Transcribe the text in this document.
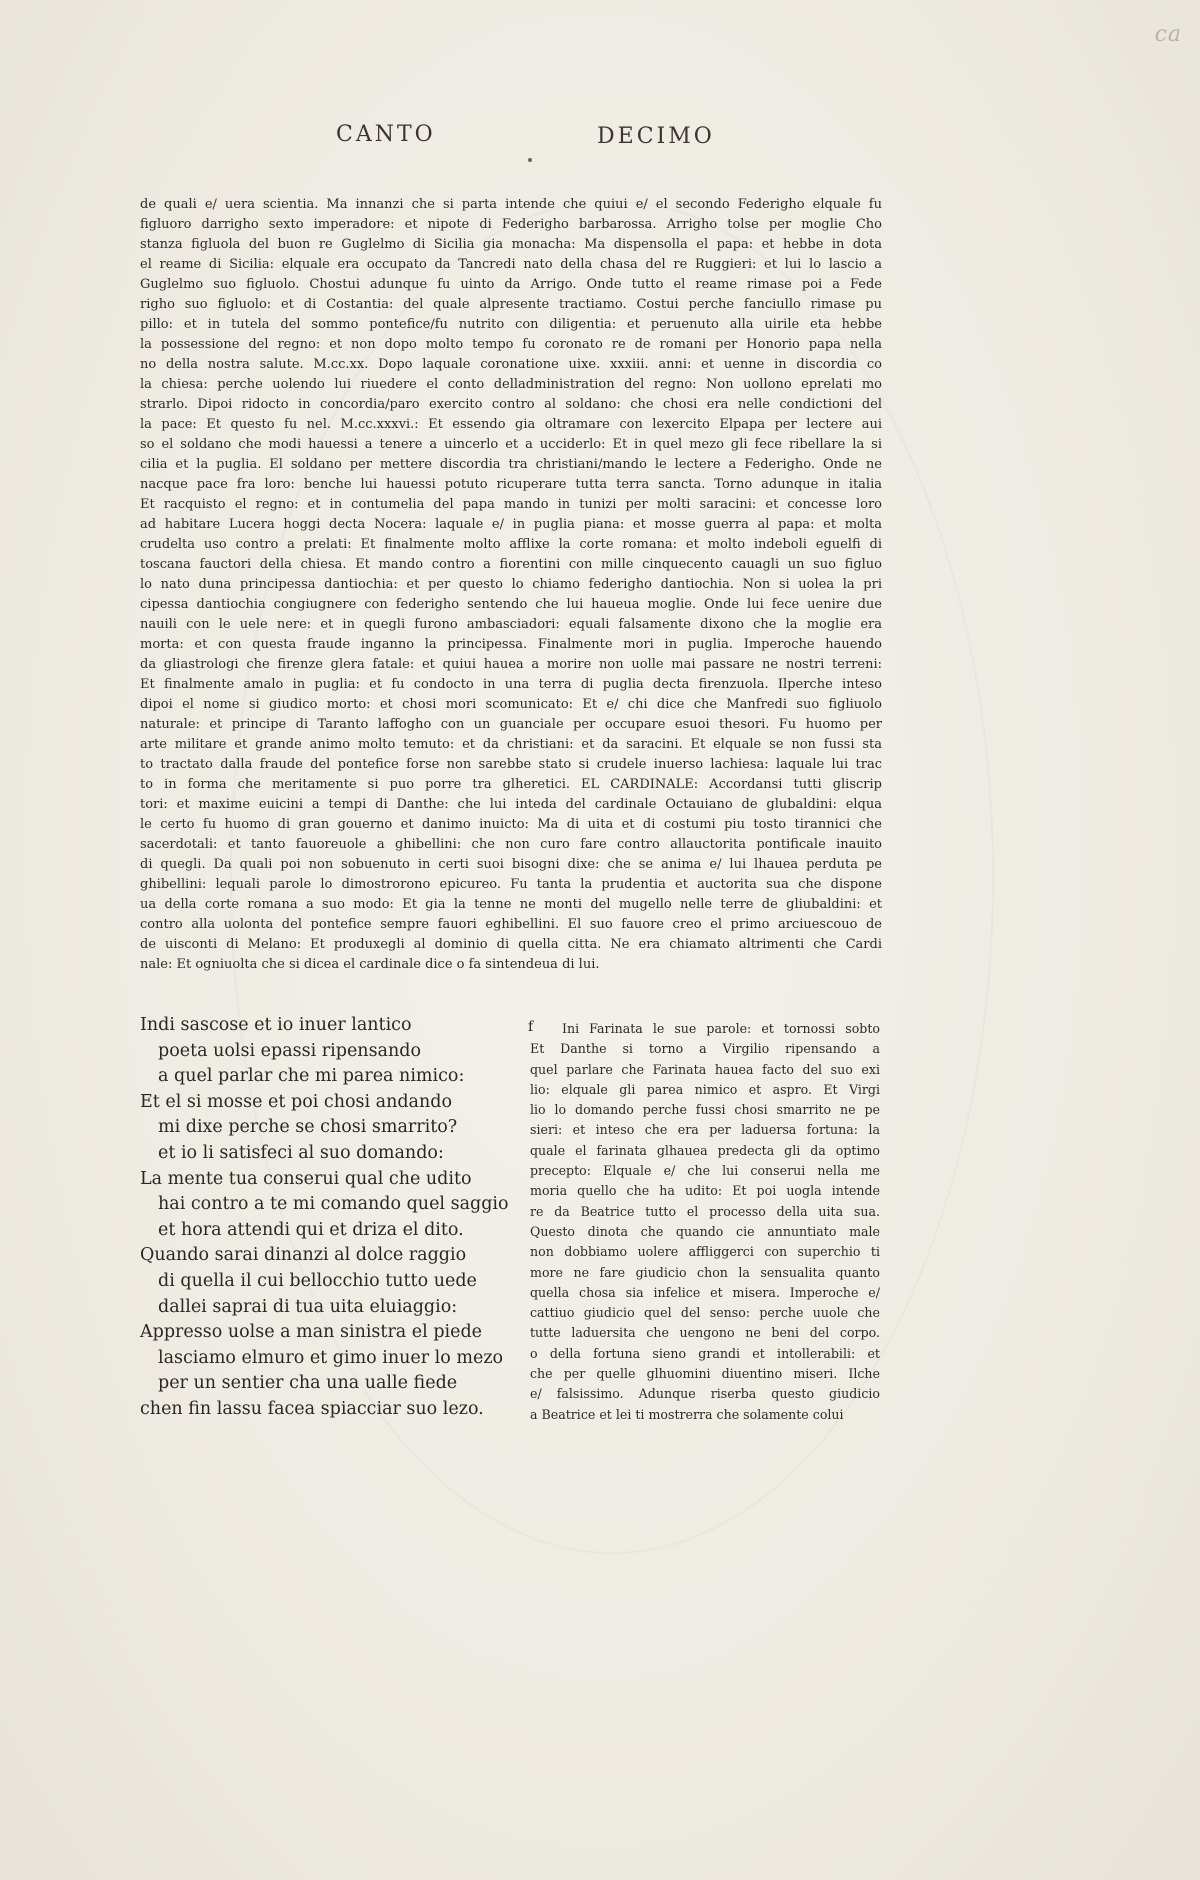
ca
CANTO	DECIMO
de quali e/ uera scientia. Ma innanzi che si parta intende che quiui e/ el secondo Federigho elquale fu
figluoro darrigho sexto imperadore: et nipote di Federigho barbarossa. Arrigho tolse per moglie Cho
stanza figluola del buon re Guglelmo di Sicilia gia monacha: Ma dispensolla el papa: et hebbe in dota
el reame di Sicilia: elquale era occupato da Tancredi nato della chasa del re Ruggieri: et lui lo lascio a
Guglelmo suo figluolo. Chostui adunque fu uinto da Arrigo. Onde tutto el reame rimase poi a Fede
righo suo figluolo: et di Costantia: del quale alpresente tractiamo. Costui perche fanciullo rimase pu
pillo: et in tutela del sommo pontefice/fu nutrito con diligentia: et peruenuto alla uirile eta hebbe
la possessione del regno: et non dopo molto tempo fu coronato re de romani per Honorio papa nella
no della nostra salute. M.cc.xx. Dopo laquale coronatione uixe. xxxiii. anni: et uenne in discordia co
la chiesa: perche uolendo lui riuedere el conto delladministration del regno: Non uollono eprelati mo
strarlo. Dipoi ridocto in concordia/paro exercito contro al soldano: che chosi era nelle condictioni del
la pace: Et questo fu nel. M.cc.xxxvi.: Et essendo gia oltramare con lexercito Elpapa per lectere aui
so el soldano che modi hauessi a tenere a uincerlo et a ucciderlo: Et in quel mezo gli fece ribellare la si
cilia et la puglia. El soldano per mettere discordia tra christiani/mando le lectere a Federigho. Onde ne
nacque pace fra loro: benche lui hauessi potuto ricuperare tutta terra sancta. Torno adunque in italia
Et racquisto el regno: et in contumelia del papa mando in tunizi per molti saracini: et concesse loro
ad habitare Lucera hoggi decta Nocera: laquale e/ in puglia piana: et mosse guerra al papa: et molta
crudelta uso contro a prelati: Et finalmente molto afflixe la corte romana: et molto indeboli eguelfi di
toscana fauctori della chiesa. Et mando contro a fiorentini con mille cinquecento cauagli un suo figluo
lo nato duna principessa dantiochia: et per questo lo chiamo federigho dantiochia. Non si uolea la pri
cipessa dantiochia congiugnere con federigho sentendo che lui haueua moglie. Onde lui fece uenire due
nauili con le uele nere: et in quegli furono ambasciadori: equali falsamente dixono che la moglie era
morta: et con questa fraude inganno la principessa. Finalmente mori in puglia. Imperoche hauendo
da gliastrologi che firenze glera fatale: et quiui hauea a morire non uolle mai passare ne nostri terreni:
Et finalmente amalo in puglia: et fu condocto in una terra di puglia decta firenzuola. Ilperche inteso
dipoi el nome si giudico morto: et chosi mori scomunicato: Et e/ chi dice che Manfredi suo figliuolo
naturale: et principe di Taranto laffogho con un guanciale per occupare esuoi thesori. Fu huomo per
arte militare et grande animo molto temuto: et da christiani: et da saracini. Et elquale se non fussi sta
to tractato dalla fraude del pontefice forse non sarebbe stato si crudele inuerso lachiesa: laquale lui trac
to in forma che meritamente si puo porre tra glheretici. EL CARDINALE: Accordansi tutti gliscrip
tori: et maxime euicini a tempi di Danthe: che lui inteda del cardinale Octauiano de glubaldini: elqua
le certo fu huomo di gran gouerno et danimo inuicto: Ma di uita et di costumi piu tosto tirannici che
sacerdotali: et tanto fauoreuole a ghibellini: che non curo fare contro allauctorita pontificale inauito
di quegli. Da quali poi non sobuenuto in certi suoi bisogni dixe: che se anima e/ lui lhauea perduta pe
ghibellini: lequali parole lo dimostrorono epicureo. Fu tanta la prudentia et auctorita sua che dispone
ua della corte romana a suo modo: Et gia la tenne ne monti del mugello nelle terre de gliubaldini: et
contro alla uolonta del pontefice sempre fauori eghibellini. El suo fauore creo el primo arciuescouo de
de uisconti di Melano: Et produxegli al dominio di quella citta. Ne era chiamato altrimenti che Cardi
nale: Et ogniuolta che si dicea el cardinale dice o fa sintendeua di lui.
Indi sascose et io inuer lantico
poeta uolsi epassi ripensando
a quel parlar che mi parea nimico:
Et el si mosse et poi chosi andando
mi dixe perche se chosi smarrito?
et io li satisfeci al suo domando:
La mente tua conserui qual che udito
hai contro a te mi comando quel saggio
et hora attendi qui et driza el dito.
Quando sarai dinanzi al dolce raggio
di quella il cui bellocchio tutto uede
dallei saprai di tua uita eluiaggio:
Appresso uolse a man sinistra el piede
lasciamo elmuro et gimo inuer lo mezo
per un sentier cha una ualle fiede
chen fin lassu facea spiacciar suo lezo.
f	Ini Farinata le sue parole: et tornossi sobto
Et Danthe si torno a Virgilio ripensando a
quel parlare che Farinata hauea facto del suo exi
lio: elquale gli parea nimico et aspro. Et Virgi
lio lo domando perche fussi chosi smarrito ne pe
sieri: et inteso che era per laduersa fortuna: la
quale el farinata glhauea predecta gli da optimo
precepto: Elquale e/ che lui conserui nella me
moria quello che ha udito: Et poi uogla intende
re da Beatrice tutto el processo della uita sua.
Questo dinota che quando cie annuntiato male
non dobbiamo uolere affliggerci con superchio ti
more ne fare giudicio chon la sensualita quanto
quella chosa sia infelice et misera. Imperoche e/
cattiuo giudicio quel del senso: perche uuole che
tutte laduersita che uengono ne beni del corpo.
o della fortuna sieno grandi et intollerabili: et
che per quelle glhuomini diuentino miseri. Ilche
e/ falsissimo. Adunque riserba questo giudicio
a Beatrice et lei ti mostrerra che solamente colui
